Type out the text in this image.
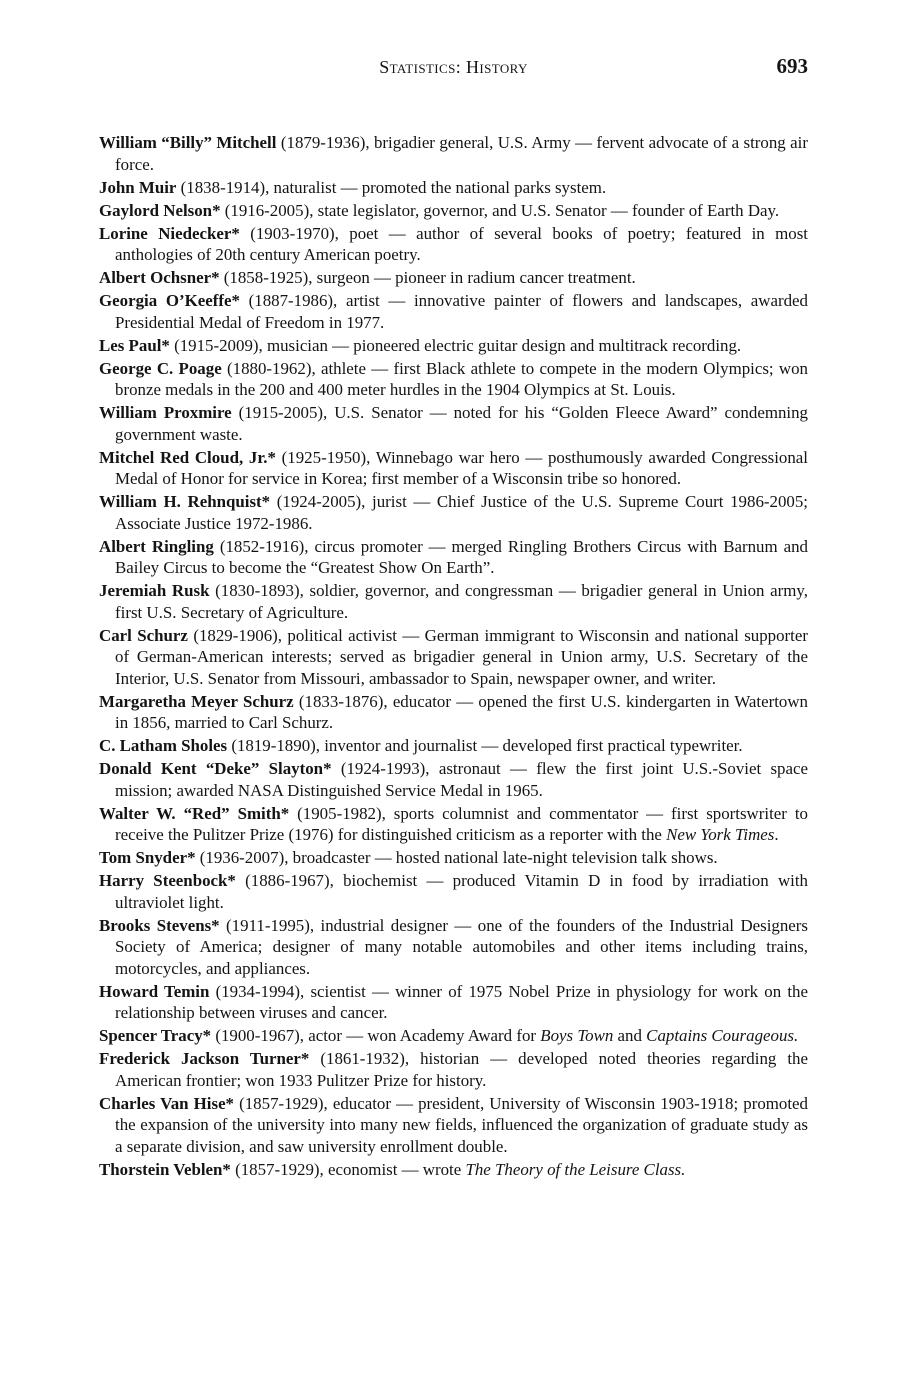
Statistics: History	693

William “Billy” Mitchell (1879-1936), brigadier general, U.S. Army — fervent advocate of a strong air force.

John Muir (1838-1914), naturalist — promoted the national parks system.

Gaylord Nelson* (1916-2005), state legislator, governor, and U.S. Senator — founder of Earth Day.

Lorine Niedecker* (1903-1970), poet — author of several books of poetry; featured in most anthologies of 20th century American poetry.

Albert Ochsner* (1858-1925), surgeon — pioneer in radium cancer treatment.

Georgia O’Keeffe* (1887-1986), artist — innovative painter of flowers and landscapes, awarded Presidential Medal of Freedom in 1977.

Les Paul* (1915-2009), musician — pioneered electric guitar design and multitrack recording.

George C. Poage (1880-1962), athlete — first Black athlete to compete in the modern Olympics; won bronze medals in the 200 and 400 meter hurdles in the 1904 Olympics at St. Louis.

William Proxmire (1915-2005), U.S. Senator — noted for his “Golden Fleece Award” condemning government waste.

Mitchel Red Cloud, Jr.* (1925-1950), Winnebago war hero — posthumously awarded Congressional Medal of Honor for service in Korea; first member of a Wisconsin tribe so honored.

William H. Rehnquist* (1924-2005), jurist — Chief Justice of the U.S. Supreme Court 1986-2005; Associate Justice 1972-1986.

Albert Ringling (1852-1916), circus promoter — merged Ringling Brothers Circus with Barnum and Bailey Circus to become the “Greatest Show On Earth”.

Jeremiah Rusk (1830-1893), soldier, governor, and congressman — brigadier general in Union army, first U.S. Secretary of Agriculture.

Carl Schurz (1829-1906), political activist — German immigrant to Wisconsin and national supporter of German-American interests; served as brigadier general in Union army, U.S. Secretary of the Interior, U.S. Senator from Missouri, ambassador to Spain, newspaper owner, and writer.

Margaretha Meyer Schurz (1833-1876), educator — opened the first U.S. kindergarten in Watertown in 1856, married to Carl Schurz.

C. Latham Sholes (1819-1890), inventor and journalist — developed first practical typewriter.

Donald Kent “Deke” Slayton* (1924-1993), astronaut — flew the first joint U.S.-Soviet space mission; awarded NASA Distinguished Service Medal in 1965.

Walter W. “Red” Smith* (1905-1982), sports columnist and commentator — first sportswriter to receive the Pulitzer Prize (1976) for distinguished criticism as a reporter with the New York Times.

Tom Snyder* (1936-2007), broadcaster — hosted national late-night television talk shows.

Harry Steenbock* (1886-1967), biochemist — produced Vitamin D in food by irradiation with ultraviolet light.

Brooks Stevens* (1911-1995), industrial designer — one of the founders of the Industrial Designers Society of America; designer of many notable automobiles and other items including trains, motorcycles, and appliances.

Howard Temin (1934-1994), scientist — winner of 1975 Nobel Prize in physiology for work on the relationship between viruses and cancer.

Spencer Tracy* (1900-1967), actor — won Academy Award for Boys Town and Captains Courageous.

Frederick Jackson Turner* (1861-1932), historian — developed noted theories regarding the American frontier; won 1933 Pulitzer Prize for history.

Charles Van Hise* (1857-1929), educator — president, University of Wisconsin 1903-1918; promoted the expansion of the university into many new fields, influenced the organization of graduate study as a separate division, and saw university enrollment double.

Thorstein Veblen* (1857-1929), economist — wrote The Theory of the Leisure Class.
